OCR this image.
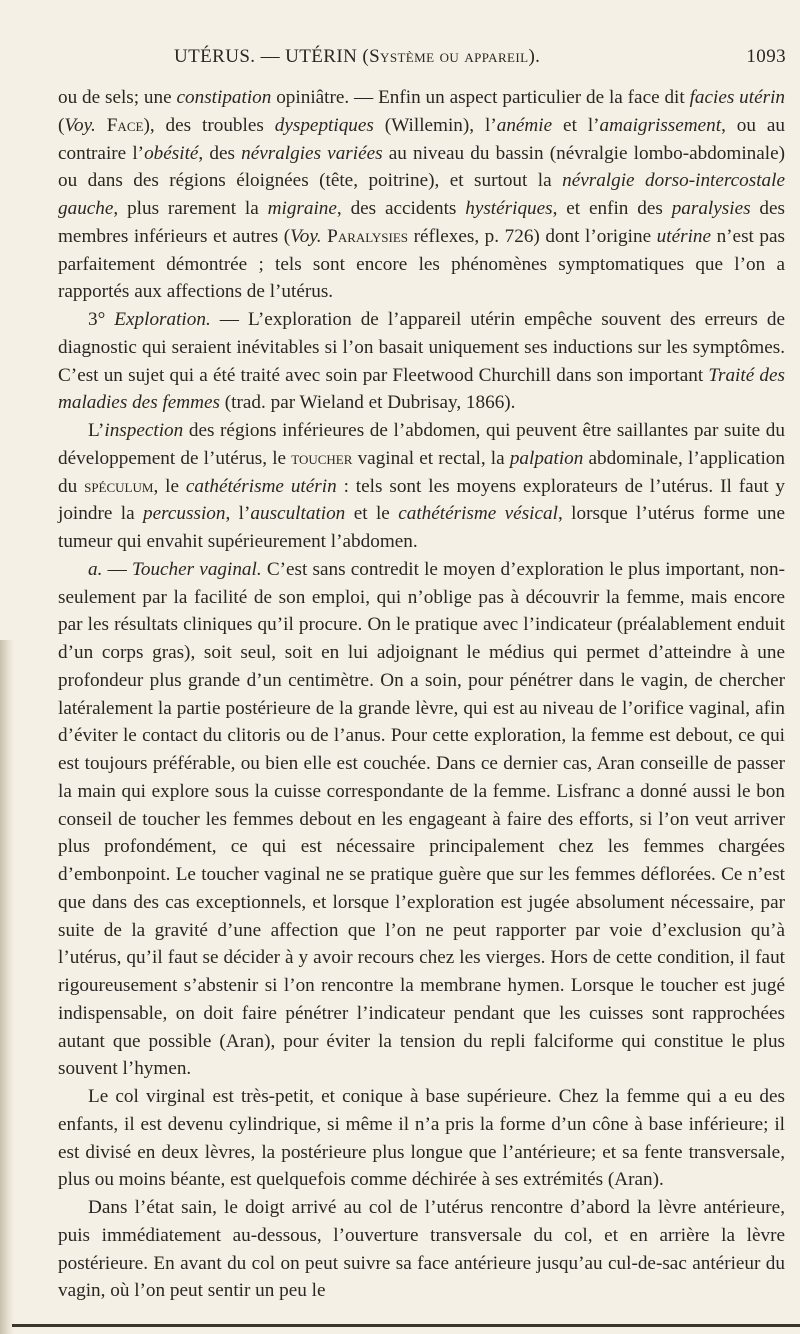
UTÉRUS. — UTÉRIN (Système ou appareil).	1093

ou de sels; une constipation opiniâtre. — Enfin un aspect particulier de la face dit facies utérin (Voy. Face), des troubles dyspeptiques (Willemin), l’anémie et l’amaigrissement, ou au contraire l’obésité, des névralgies variées au niveau du bassin (névralgie lombo-abdominale) ou dans des régions éloignées (tête, poitrine), et surtout la névralgie dorso-intercostale gauche, plus rarement la migraine, des accidents hystériques, et enfin des paralysies des membres inférieurs et autres (Voy. Paralysies réflexes, p. 726) dont l’origine utérine n’est pas parfaitement démontrée ; tels sont encore les phénomènes symptomatiques que l’on a rapportés aux affections de l’utérus.

3° Exploration. — L’exploration de l’appareil utérin empêche souvent des erreurs de diagnostic qui seraient inévitables si l’on basait uniquement ses inductions sur les symptômes. C’est un sujet qui a été traité avec soin par Fleetwood Churchill dans son important Traité des maladies des femmes (trad. par Wieland et Dubrisay, 1866).

L’inspection des régions inférieures de l’abdomen, qui peuvent être saillantes par suite du développement de l’utérus, le toucher vaginal et rectal, la palpation abdominale, l’application du spéculum, le cathétérisme utérin : tels sont les moyens explorateurs de l’utérus. Il faut y joindre la percussion, l’auscultation et le cathétérisme vésical, lorsque l’utérus forme une tumeur qui envahit supérieurement l’abdomen.

a. — Toucher vaginal. C’est sans contredit le moyen d’exploration le plus important, non-seulement par la facilité de son emploi, qui n’oblige pas à découvrir la femme, mais encore par les résultats cliniques qu’il procure. On le pratique avec l’indicateur (préalablement enduit d’un corps gras), soit seul, soit en lui adjoignant le médius qui permet d’atteindre à une profondeur plus grande d’un centimètre. On a soin, pour pénétrer dans le vagin, de chercher latéralement la partie postérieure de la grande lèvre, qui est au niveau de l’orifice vaginal, afin d’éviter le contact du clitoris ou de l’anus. Pour cette exploration, la femme est debout, ce qui est toujours préférable, ou bien elle est couchée. Dans ce dernier cas, Aran conseille de passer la main qui explore sous la cuisse correspondante de la femme. Lisfranc a donné aussi le bon conseil de toucher les femmes debout en les engageant à faire des efforts, si l’on veut arriver plus profondément, ce qui est nécessaire principalement chez les femmes chargées d’embonpoint. Le toucher vaginal ne se pratique guère que sur les femmes déflorées. Ce n’est que dans des cas exceptionnels, et lorsque l’exploration est jugée absolument nécessaire, par suite de la gravité d’une affection que l’on ne peut rapporter par voie d’exclusion qu’à l’utérus, qu’il faut se décider à y avoir recours chez les vierges. Hors de cette condition, il faut rigoureusement s’abstenir si l’on rencontre la membrane hymen. Lorsque le toucher est jugé indispensable, on doit faire pénétrer l’indicateur pendant que les cuisses sont rapprochées autant que possible (Aran), pour éviter la tension du repli falciforme qui constitue le plus souvent l’hymen.

Le col virginal est très-petit, et conique à base supérieure. Chez la femme qui a eu des enfants, il est devenu cylindrique, si même il n’a pris la forme d’un cône à base inférieure; il est divisé en deux lèvres, la postérieure plus longue que l’antérieure; et sa fente transversale, plus ou moins béante, est quelquefois comme déchirée à ses extrémités (Aran).

Dans l’état sain, le doigt arrivé au col de l’utérus rencontre d’abord la lèvre antérieure, puis immédiatement au-dessous, l’ouverture transversale du col, et en arrière la lèvre postérieure. En avant du col on peut suivre sa face antérieure jusqu’au cul-de-sac antérieur du vagin, où l’on peut sentir un peu le
